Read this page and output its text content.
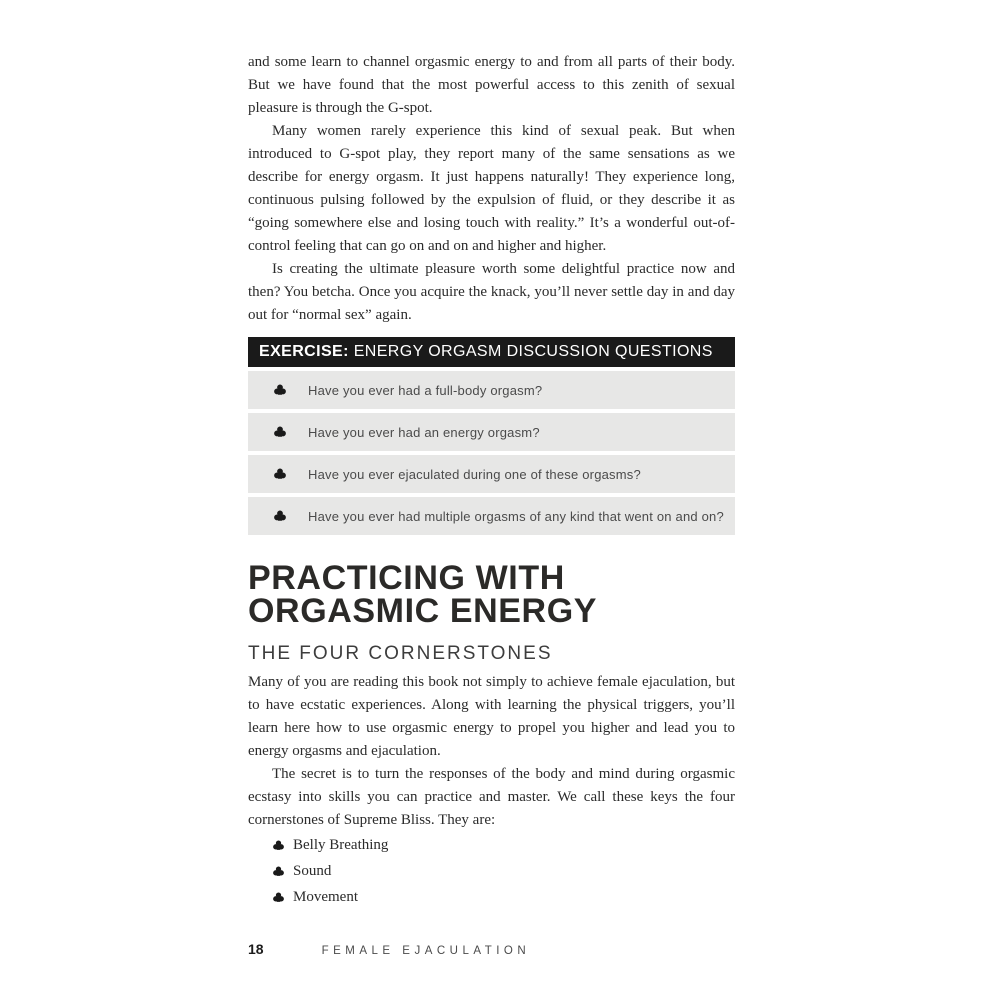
and some learn to channel orgasmic energy to and from all parts of their body. But we have found that the most powerful access to this zenith of sexual pleasure is through the G-spot.

Many women rarely experience this kind of sexual peak. But when introduced to G-spot play, they report many of the same sensations as we describe for energy orgasm. It just happens naturally! They experience long, continuous pulsing followed by the expulsion of fluid, or they describe it as “going somewhere else and losing touch with reality.” It’s a wonderful out-of-control feeling that can go on and on and higher and higher.

Is creating the ultimate pleasure worth some delightful practice now and then? You betcha. Once you acquire the knack, you’ll never settle day in and day out for “normal sex” again.

EXERCISE: ENERGY ORGASM DISCUSSION QUESTIONS
Have you ever had a full-body orgasm?
Have you ever had an energy orgasm?
Have you ever ejaculated during one of these orgasms?
Have you ever had multiple orgasms of any kind that went on and on?
PRACTICING WITH
ORGASMIC ENERGY
THE FOUR CORNERSTONES

Many of you are reading this book not simply to achieve female ejaculation, but to have ecstatic experiences. Along with learning the physical triggers, you’ll learn here how to use orgasmic energy to propel you higher and lead you to energy orgasms and ejaculation.

The secret is to turn the responses of the body and mind during orgasmic ecstasy into skills you can practice and master. We call these keys the four cornerstones of Supreme Bliss. They are:

Belly Breathing
Sound
Movement
18	FEMALE EJACULATION
